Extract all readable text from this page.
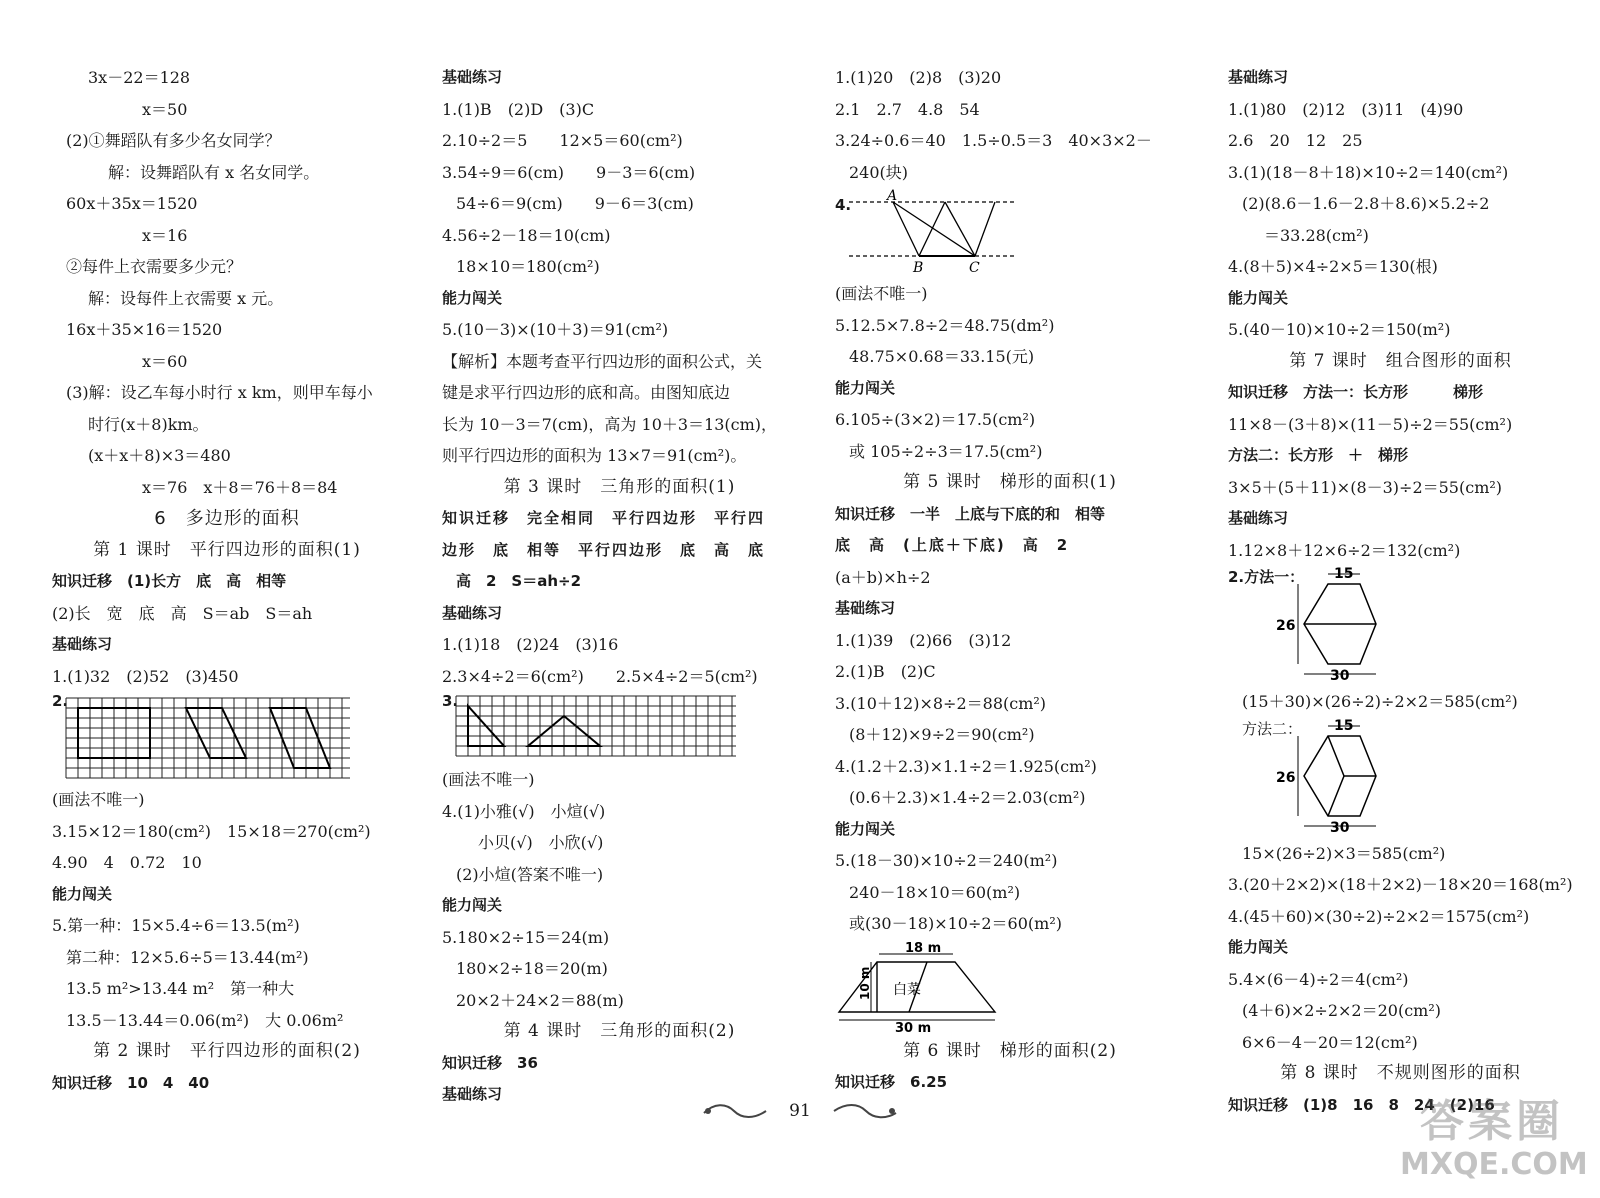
3x－22＝128
x＝50
(2)①舞蹈队有多少名女同学？
解：设舞蹈队有 x 名女同学。
60x＋35x＝1520
x＝16
②每件上衣需要多少元？
解：设每件上衣需要 x 元。
16x＋35×16＝1520
x＝60
(3)解：设乙车每小时行 x km，则甲车每小
时行(x＋8)km。
(x＋x＋8)×3＝480
x＝76　x＋8＝76＋8＝84
6　多边形的面积
第 1 课时　平行四边形的面积(1)
知识迁移　(1)长方　底　高　相等
(2)长　宽　底　高　S＝ab　S＝ah
基础练习
1.(1)32　(2)52　(3)450
2.
(画法不唯一)
3.15×12＝180(cm²)　15×18＝270(cm²)
4.90　4　0.72　10
能力闯关
5.第一种：15×5.4÷6＝13.5(m²)
第二种：12×5.6÷5＝13.44(m²)
13.5 m²>13.44 m²　第一种大
13.5－13.44＝0.06(m²)　大 0.06m²
第 2 课时　平行四边形的面积(2)
知识迁移　10　4　40
基础练习
1.(1)B　(2)D　(3)C
2.10÷2＝5　　12×5＝60(cm²)
3.54÷9＝6(cm)　　9－3＝6(cm)
54÷6＝9(cm)　　9－6＝3(cm)
4.56÷2－18＝10(cm)
18×10＝180(cm²)
能力闯关
5.(10－3)×(10＋3)＝91(cm²)
【解析】本题考查平行四边形的面积公式，关
键是求平行四边形的底和高。由图知底边
长为 10－3＝7(cm)，高为 10＋3＝13(cm)，
则平行四边形的面积为 13×7＝91(cm²)。
第 3 课时　三角形的面积(1)
知识迁移　完全相同　平行四边形　平行四
边形　底　相等　平行四边形　底　高　底
高　2　S＝ah÷2
基础练习
1.(1)18　(2)24　(3)16
2.3×4÷2＝6(cm²)　　2.5×4÷2＝5(cm²)
3.
(画法不唯一)
4.(1)小雅(√)　小煊(√)
小贝(√)　小欣(√)
(2)小煊(答案不唯一)
能力闯关
5.180×2÷15＝24(m)
180×2÷18＝20(m)
20×2＋24×2＝88(m)
第 4 课时　三角形的面积(2)
知识迁移　36
基础练习
1.(1)20　(2)8　(3)20
2.1　2.7　4.8　54
3.24÷0.6＝40　1.5÷0.5＝3　40×3×2－
240(块)
4.	A
B	C
(画法不唯一)
5.12.5×7.8÷2＝48.75(dm²)
48.75×0.68＝33.15(元)
能力闯关
6.105÷(3×2)＝17.5(cm²)
或 105÷2÷3＝17.5(cm²)
第 5 课时　梯形的面积(1)
知识迁移　一半　上底与下底的和　相等
底　高　(上底＋下底)　高　2
(a＋b)×h÷2
基础练习
1.(1)39　(2)66　(3)12
2.(1)B　(2)C
3.(10＋12)×8÷2＝88(cm²)
(8＋12)×9÷2＝90(cm²)
4.(1.2＋2.3)×1.1÷2＝1.925(cm²)
(0.6＋2.3)×1.4÷2＝2.03(cm²)
能力闯关
5.(18－30)×10÷2＝240(m²)
240－18×10＝60(m²)
或(30－18)×10÷2＝60(m²)
18 m
白菜
30 m
10 m
第 6 课时　梯形的面积(2)
知识迁移　6.25
基础练习
1.(1)80　(2)12　(3)11　(4)90
2.6　20　12　25
3.(1)(18－8＋18)×10÷2＝140(cm²)
(2)(8.6－1.6－2.8＋8.6)×5.2÷2
＝33.28(cm²)
4.(8＋5)×4÷2×5＝130(根)
能力闯关
5.(40－10)×10÷2＝150(m²)
第 7 课时　组合图形的面积
知识迁移　方法一：长方形　　　梯形
11×8－(3＋8)×(11－5)÷2＝55(cm²)
方法二：长方形　＋　梯形
3×5＋(5＋11)×(8－3)÷2＝55(cm²)
基础练习
1.12×8＋12×6÷2＝132(cm²)
2.方法一： 15
26
30
(15＋30)×(26÷2)÷2×2＝585(cm²)
方法二： 15
26
30
15×(26÷2)×3＝585(cm²)
3.(20＋2×2)×(18＋2×2)－18×20＝168(m²)
4.(45＋60)×(30÷2)÷2×2＝1575(cm²)
能力闯关
5.4×(6－4)÷2＝4(cm²)
(4＋6)×2÷2×2＝20(cm²)
6×6－4－20＝12(cm²)
第 8 课时　不规则图形的面积
知识迁移　(1)8　16　8　24　(2)16
91	答案圈
MXQE.COM
